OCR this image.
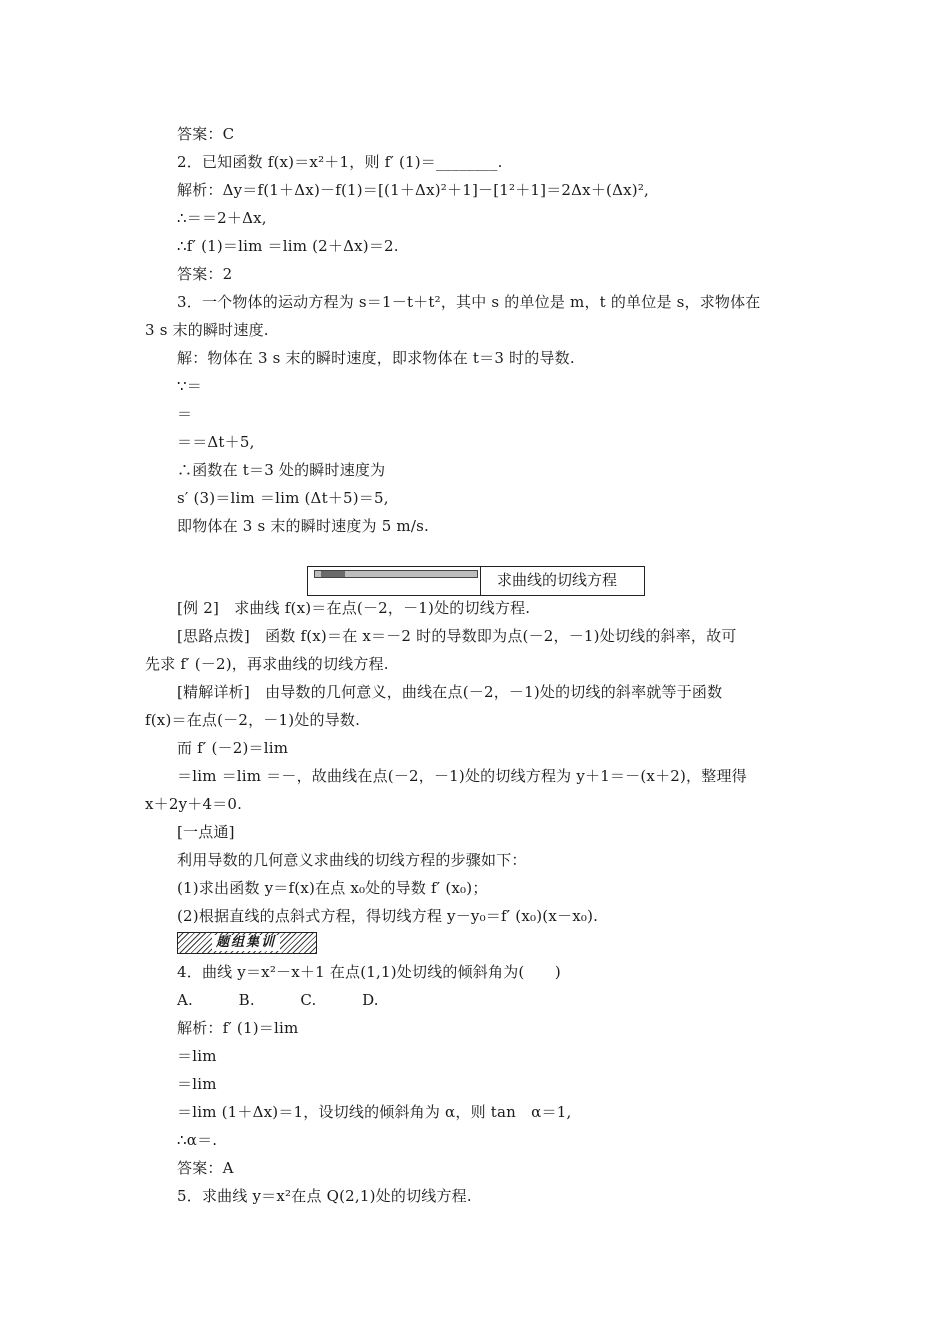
答案：C
2．已知函数 f(x)＝x²＋1，则 f′ (1)＝________.
解析：Δy＝f(1＋Δx)－f(1)＝[(1＋Δx)²＋1]－[1²＋1]＝2Δx＋(Δx)²,
∴＝＝2＋Δx,
∴f′ (1)＝lim ＝lim (2＋Δx)＝2.
答案：2
3．一个物体的运动方程为 s＝1－t＋t²，其中 s 的单位是 m，t 的单位是 s，求物体在
3 s 末的瞬时速度.
解：物体在 3 s 末的瞬时速度，即求物体在 t＝3 时的导数.
∵＝
＝
＝＝Δt＋5,
∴函数在 t＝3 处的瞬时速度为
s′ (3)＝lim ＝lim (Δt＋5)＝5,
即物体在 3 s 末的瞬时速度为 5 m/s.
[例 2]　求曲线 f(x)＝在点(－2，－1)处的切线方程.
[思路点拨]　函数 f(x)＝在 x＝－2 时的导数即为点(－2，－1)处切线的斜率，故可
先求 f′ (－2)，再求曲线的切线方程.
[精解详析]　由导数的几何意义，曲线在点(－2，－1)处的切线的斜率就等于函数
f(x)＝在点(－2，－1)处的导数.
而 f′ (－2)＝lim
＝lim ＝lim ＝－，故曲线在点(－2，－1)处的切线方程为 y＋1＝－(x＋2)，整理得
x＋2y＋4＝0.
[一点通]
利用导数的几何意义求曲线的切线方程的步骤如下：
(1)求出函数 y＝f(x)在点 x₀处的导数 f′ (x₀)；
(2)根据直线的点斜式方程，得切线方程 y－y₀＝f′ (x₀)(x－x₀).
4．曲线 y＝x²－x＋1 在点(1,1)处切线的倾斜角为(　　)
A.　　　B.　　　C.　　　D.
解析：f′ (1)＝lim
＝lim
＝lim
＝lim (1＋Δx)＝1，设切线的倾斜角为 α，则 tan　α＝1,
∴α＝.
答案：A
5．求曲线 y＝x²在点 Q(2,1)处的切线方程.
求曲线的切线方程
题组集训
